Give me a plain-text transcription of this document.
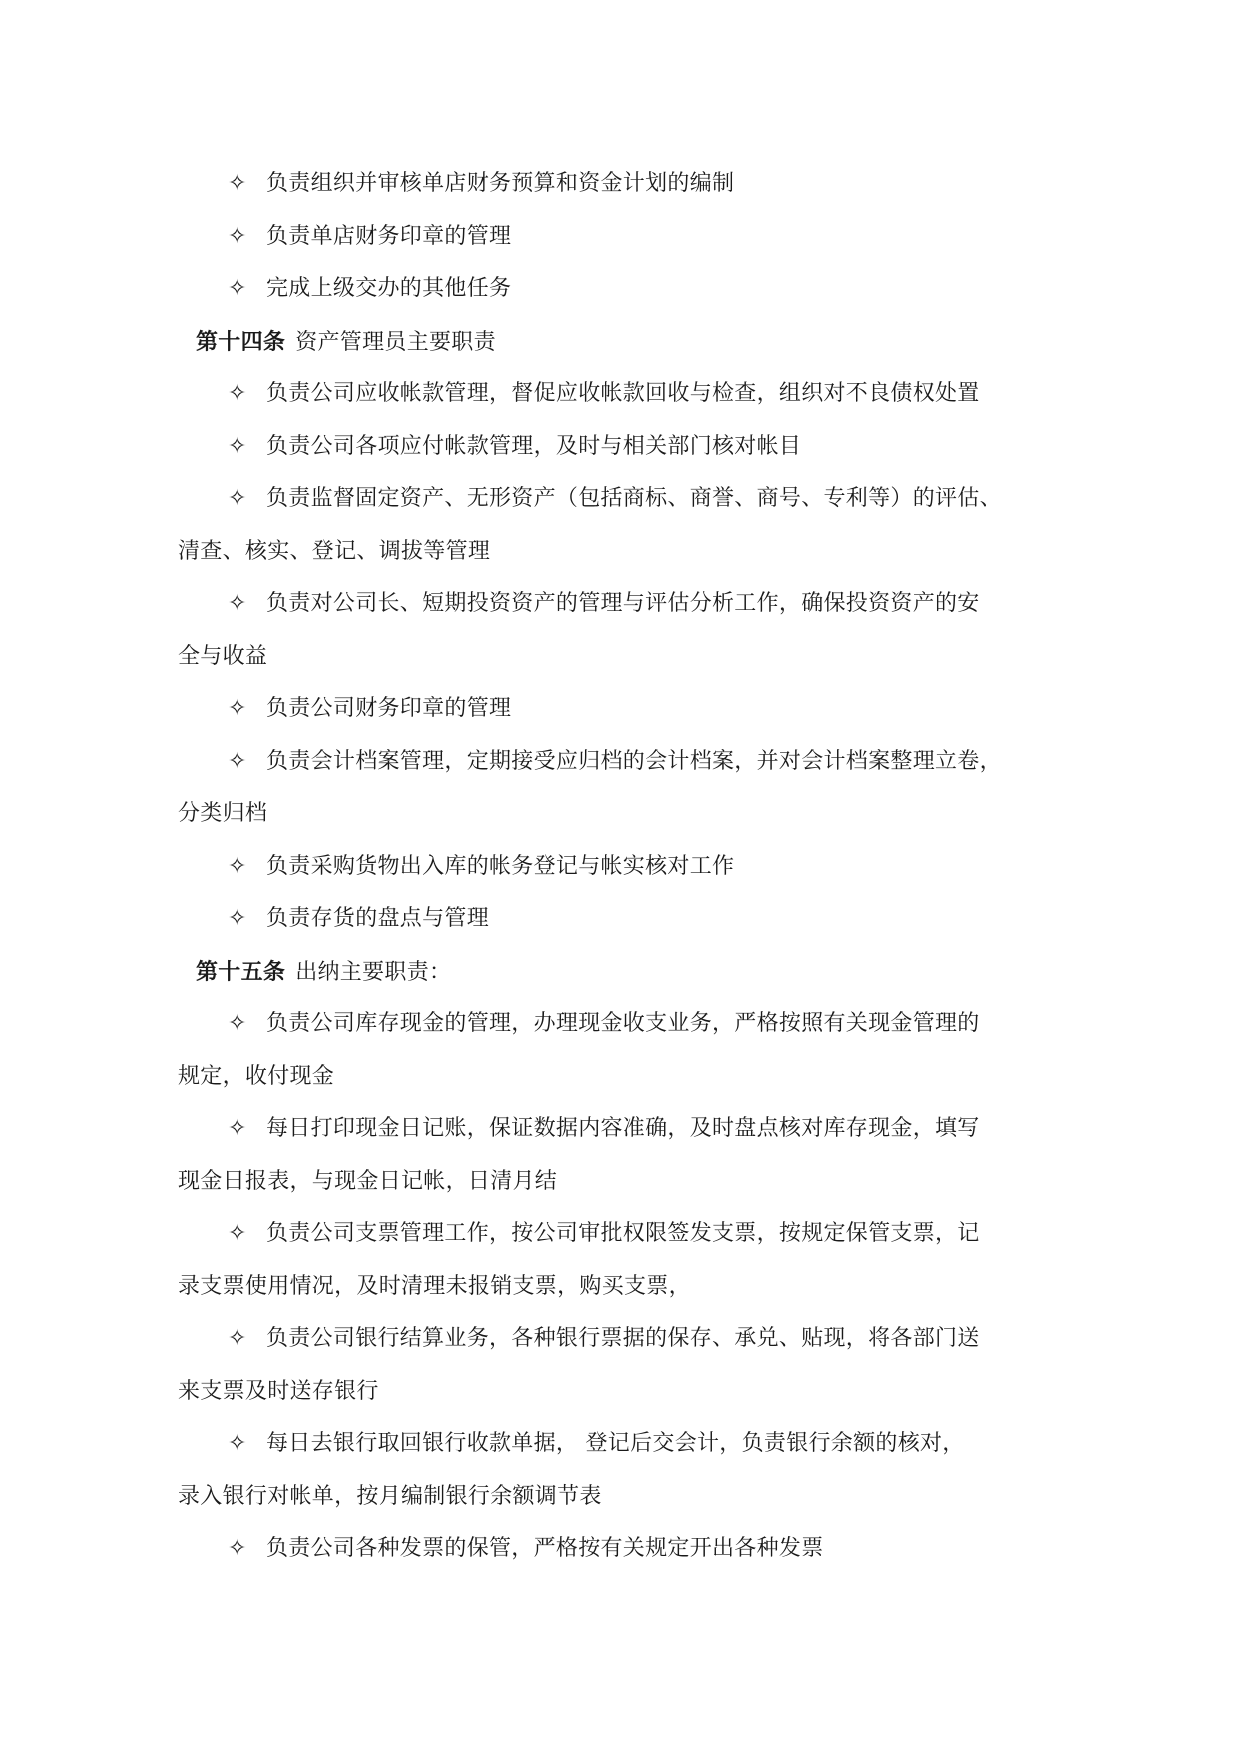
✧ 负责组织并审核单店财务预算和资金计划的编制
✧ 负责单店财务印章的管理
✧ 完成上级交办的其他任务
第十四条 资产管理员主要职责
✧ 负责公司应收帐款管理，督促应收帐款回收与检查，组织对不良债权处置
✧ 负责公司各项应付帐款管理，及时与相关部门核对帐目
✧ 负责监督固定资产、无形资产（包括商标、商誉、商号、专利等）的评估、
清查、核实、登记、调拔等管理
✧ 负责对公司长、短期投资资产的管理与评估分析工作，确保投资资产的安
全与收益
✧ 负责公司财务印章的管理
✧ 负责会计档案管理，定期接受应归档的会计档案，并对会计档案整理立卷，
分类归档
✧ 负责采购货物出入库的帐务登记与帐实核对工作
✧ 负责存货的盘点与管理
第十五条 出纳主要职责：
✧ 负责公司库存现金的管理，办理现金收支业务，严格按照有关现金管理的
规定，收付现金
✧ 每日打印现金日记账，保证数据内容准确，及时盘点核对库存现金，填写
现金日报表，与现金日记帐，日清月结
✧ 负责公司支票管理工作，按公司审批权限签发支票，按规定保管支票，记
录支票使用情况，及时清理未报销支票，购买支票，
✧ 负责公司银行结算业务，各种银行票据的保存、承兑、贴现，将各部门送
来支票及时送存银行
✧ 每日去银行取回银行收款单据， 登记后交会计，负责银行余额的核对，
录入银行对帐单，按月编制银行余额调节表
✧ 负责公司各种发票的保管，严格按有关规定开出各种发票
